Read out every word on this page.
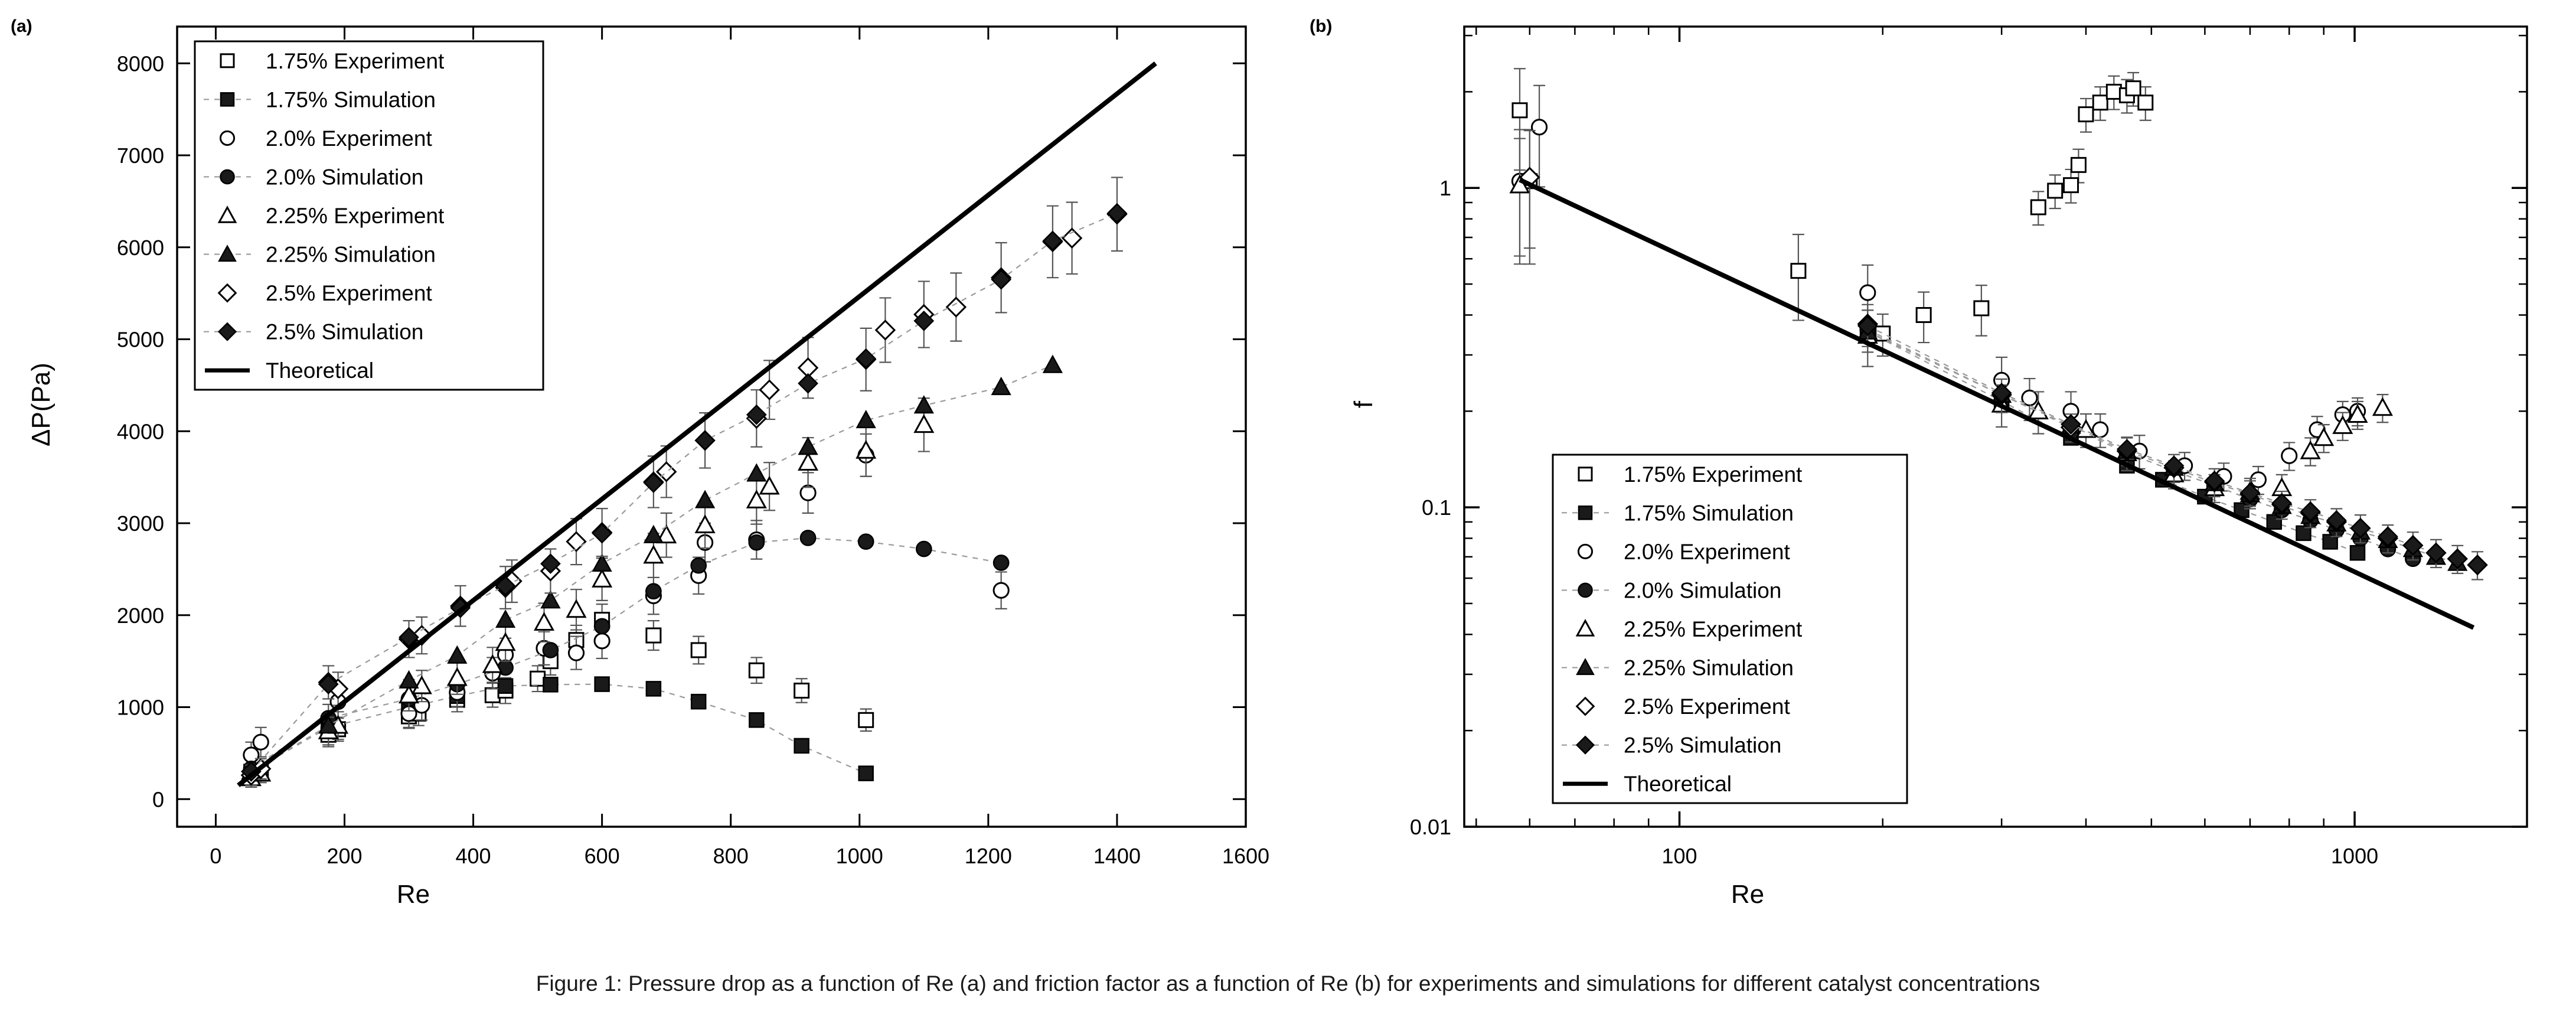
(a)
0	200	400	600	800	1000	1200	1400	1600
0
1000
2000
3000
4000
5000
6000
7000
8000	1.75% Experiment
1.75% Simulation
2.0% Experiment
2.0% Simulation
2.25% Experiment
2.25% Simulation
2.5% Experiment
2.5% Simulation
Theoretical
Re
ΔP(Pa)
(b)
100	1000
0.01
0.1
1
1.75% Experiment
1.75% Simulation
2.0% Experiment
2.0% Simulation
2.25% Experiment
2.25% Simulation
2.5% Experiment
2.5% Simulation
Theoretical
Re
f
Figure 1: Pressure drop as a function of Re (a) and friction factor as a function of Re (b) for experiments and simulations for different catalyst concentrations
